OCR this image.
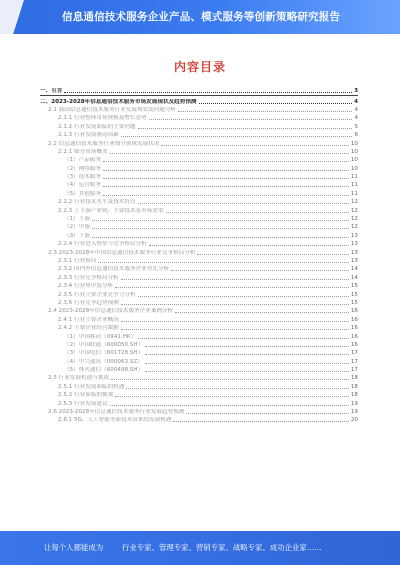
信息通信技术服务企业产品、模式服务等创新策略研究报告
内容目录
一、引言	3
二、2023-2028年信息通信技术服务市场发展现状及趋势预测	4
2.1 我国信息通信技术服务行业发展现状及问题分析	4
2.1.1 行业整体市场规模及增长态势	4
2.1.2 行业发展面临的主要问题	5
2.1.3 行业发展驱动因素	6
2.2 信息通信技术服务行业细分领域发展状况	10
2.2.1 细分市场概况	10
（1）产品服务	10
（2）网络服务	10
（3）技术服务	11
（4）运营服务	11
（5）其他服务	11
2.2.2 行业技术水平及技术特点	12
2.2.3 上下游产业链、主要技术及市场需求	12
（1）上游	12
（2）中游	12
（3）下游	13
2.2.4 行业进入壁垒与竞争格局分析	13
2.3 2023-2028年中国信息通信技术服务行业竞争格局分析	13
2.3.1 行业格局	13
2.3.2 国内外信息通信技术服务企业对比分析	14
2.3.3 行业竞争格局分析	14
2.3.4 行业集中度分析	15
2.3.5 行业主要企业竞争力分析	15
2.3.6 行业竞争趋势预测	15
2.4 2023-2028年信息通信技术服务企业案例分析	16
2.4.1 行业主要企业概况	16
2.4.2 主要企业经营数据	16
（1）中国移动（0941.HK）	16
（2）中国联通（600050.SH）	16
（3）中国电信（601728.SH）	17
（4）中兴通讯（000063.SZ）	17
（5）烽火通信（600498.SH）	17
2.5 行业发展机遇与挑战	18
2.5.1 行业发展面临的机遇	18
2.5.2 行业面临的挑战	18
2.5.3 行业发展建议	19
2.6 2023-2028年信息通信技术服务行业发展趋势预测	19
2.6.1 5G、人工智能等新技术带来的发展机遇	20
让每个人都能成为	行业专家、管理专家、营销专家、战略专家、成功企业家……
